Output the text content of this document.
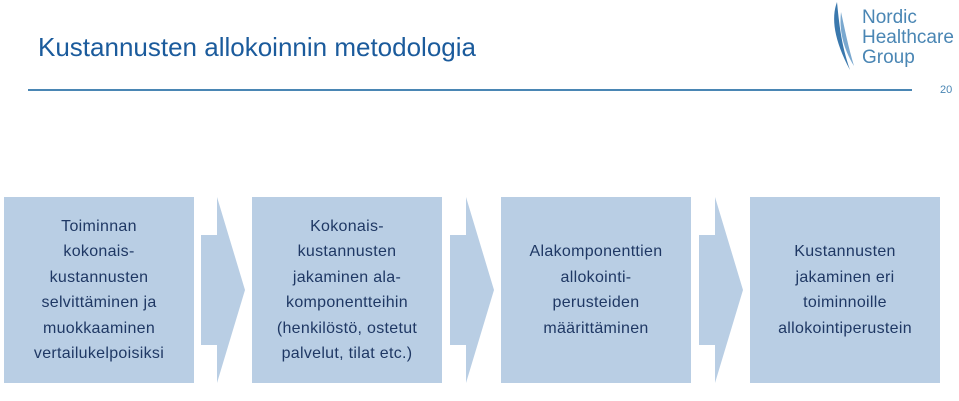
Kustannusten allokoinnin metodologia
Nordic
Healthcare
Group
20
Toiminnan
kokonais-
kustannusten
selvittäminen ja
muokkaaminen
vertailukelpoisiksi
Kokonais-
kustannusten
jakaminen ala-
komponentteihin
(henkilöstö, ostetut
palvelut, tilat etc.)
Alakomponenttien
allokointi-
perusteiden
määrittäminen
Kustannusten
jakaminen eri
toiminnoille
allokointiperustein
